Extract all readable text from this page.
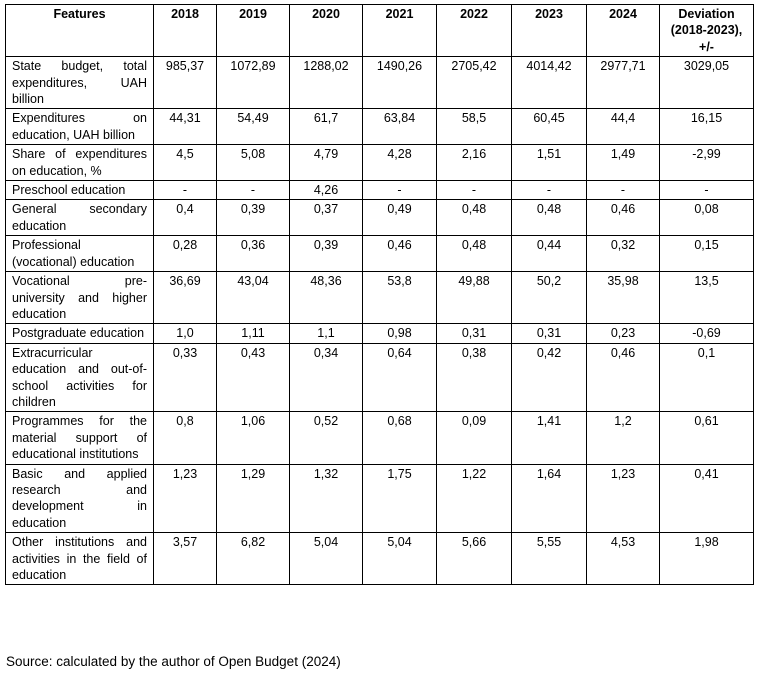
Features	2018	2019	2020	2021	2022	2023	2024	Deviation (2018-2023), +/-
State budget, total expenditures, UAH billion	985,37	1072,89	1288,02	1490,26	2705,42	4014,42	2977,71	3029,05
Expenditures on education, UAH billion	44,31	54,49	61,7	63,84	58,5	60,45	44,4	16,15
Share of expenditures on education, %	4,5	5,08	4,79	4,28	2,16	1,51	1,49	-2,99
Preschool education	-	-	4,26	-	-	-	-	-
General secondary education	0,4	0,39	0,37	0,49	0,48	0,48	0,46	0,08
Professional (vocational) education	0,28	0,36	0,39	0,46	0,48	0,44	0,32	0,15
Vocational pre-university and higher education	36,69	43,04	48,36	53,8	49,88	50,2	35,98	13,5
Postgraduate education	1,0	1,11	1,1	0,98	0,31	0,31	0,23	-0,69
Extracurricular education and out-of-school activities for children	0,33	0,43	0,34	0,64	0,38	0,42	0,46	0,1
Programmes for the material support of educational institutions	0,8	1,06	0,52	0,68	0,09	1,41	1,2	0,61
Basic and applied research and development in education	1,23	1,29	1,32	1,75	1,22	1,64	1,23	0,41
Other institutions and activities in the field of education	3,57	6,82	5,04	5,04	5,66	5,55	4,53	1,98
Source: calculated by the author of Open Budget (2024)
